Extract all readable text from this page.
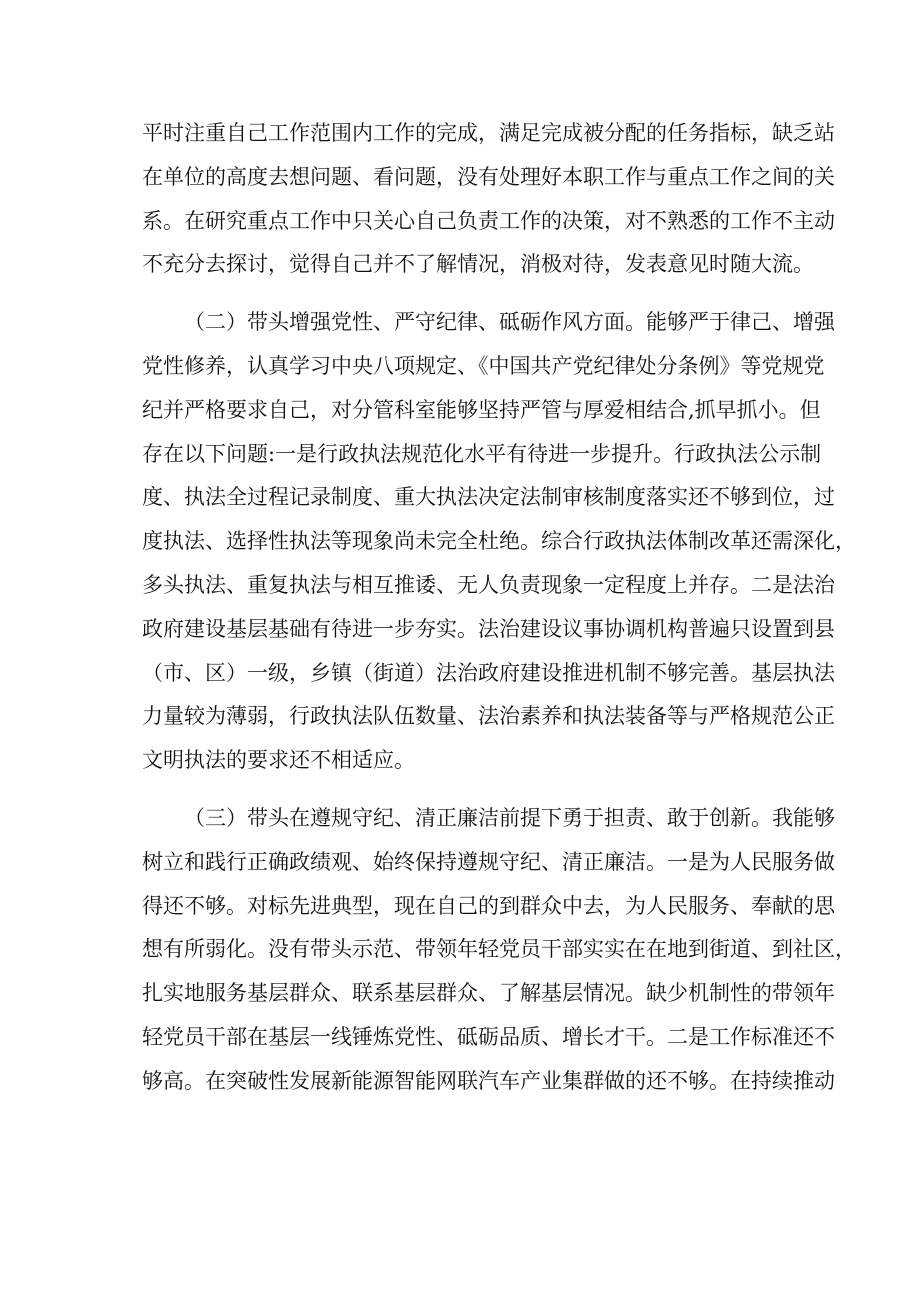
平时注重自己工作范围内工作的完成，满足完成被分配的任务指标，缺乏站
在单位的高度去想问题、看问题，没有处理好本职工作与重点工作之间的关
系。在研究重点工作中只关心自己负责工作的决策，对不熟悉的工作不主动
不充分去探讨，觉得自己并不了解情况，消极对待，发表意见时随大流。
（二）带头增强党性、严守纪律、砥砺作风方面。能够严于律己、增强
党性修养，认真学习中央八项规定、《中国共产党纪律处分条例》等党规党
纪并严格要求自己，对分管科室能够坚持严管与厚爱相结合,抓早抓小。但
存在以下问题:一是行政执法规范化水平有待进一步提升。行政执法公示制
度、执法全过程记录制度、重大执法决定法制审核制度落实还不够到位，过
度执法、选择性执法等现象尚未完全杜绝。综合行政执法体制改革还需深化，
多头执法、重复执法与相互推诿、无人负责现象一定程度上并存。二是法治
政府建设基层基础有待进一步夯实。法治建设议事协调机构普遍只设置到县
（市、区）一级，乡镇（街道）法治政府建设推进机制不够完善。基层执法
力量较为薄弱，行政执法队伍数量、法治素养和执法装备等与严格规范公正
文明执法的要求还不相适应。
（三）带头在遵规守纪、清正廉洁前提下勇于担责、敢于创新。我能够
树立和践行正确政绩观、始终保持遵规守纪、清正廉洁。一是为人民服务做
得还不够。对标先进典型，现在自己的到群众中去，为人民服务、奉献的思
想有所弱化。没有带头示范、带领年轻党员干部实实在在地到街道、到社区，
扎实地服务基层群众、联系基层群众、了解基层情况。缺少机制性的带领年
轻党员干部在基层一线锤炼党性、砥砺品质、增长才干。二是工作标准还不
够高。在突破性发展新能源智能网联汽车产业集群做的还不够。在持续推动
